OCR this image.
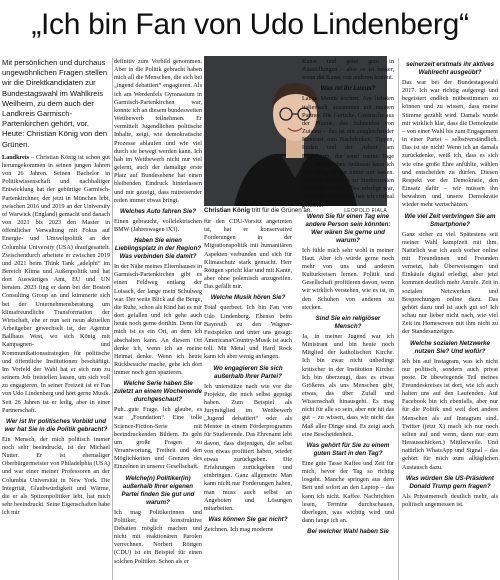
„Ich bin Fan von Udo Lindenberg“

Mit persönlichen und durchaus ungewöhnlichen Fragen stellen wir die Direktkandidaten zur Bundestagswahl im Wahlkreis Weilheim, zu dem auch der Landkreis Garmisch-Partenkirchen gehört, vor. Heute: Christian König von den Grünen.

Landkreis – Christian König ist schon gut herumgekommen in seinen jungen Jahren von 26 Jahren. Seinen Bachelor in Politikwissenschaft und nachhaltiger Entwicklung hat der gebürtige Garmisch-Partenkirchner, der jetzt in München lebt, zwischen 2016 und 2019 an der University of Warwick (England) gemacht und danach von 2021 bis 2023 den Master in öffentlicher Verwaltung mit Fokus auf Energie- und Umweltpolitik an der Columbia University (USA) draufgesattelt. Zwischendurch arbeitete er zwischen 2019 und 2021 beim Think Tank „adelphi“ im Bereich Klima und Außenpolitik und hat dort Auswärtiges Amt, EU und UN beraten. 2023 fing er dann bei der Boston Consulting Group an und kümmerte sich bei der Unternehmensberatung um klimafreundliche Transformation der Wirtschaft, ehe er nun seit neun aktuellen Arbeitgeber gewechselt ist, der Agentur Ballhaus West, wo sich König mit Kampagnen- und Kommunikationsstrategien für politische und öffentliche Institutionen beschäftigt. Im Vorfeld der Wahl hat er sich nun zu seinem Job freistellen lassen, um sich voll zu engagieren. In seiner Freizeit ist er Fan von Udo Lindenberg und hört gerne Musik. Seit 26 Jahren ist er ledig, aber in einer Partnerschaft.

Wer ist Ihr politisches Vorbild und wer hat Sie in die Politik gebracht?

Ein Mensch, der mich politisch immer noch sehr beeindruckt, ist der Michael Nutter. Er ist ehemaliger Oberbürgermeister von Philadelphia (USA) und war einer meiner Professoren an der Columbia Universität in New York. Die Integrität, Glaubwürdigkeit und Wärme, die er als Spitzenpolitiker lebt, hat mich sehr beeindruckt. Seine Eigenschaften habe ich mir

definitiv zum Vorbild genommen. Aber in die Politik gebracht haben mich all die Menschen, die sich bei „ingend debattiert“ engagieren. Als ich am Werdenfels Gymnasium in Garmisch-Partenkirchen war, konnte ich an diesem bundesweiten Wettbewerb teilnehmen. Er vermittelt Jugendlichen politische Inhalte, zeigt, wie demokratische Prozesse ablaufen und wie viel durch sie bewegt werden kann. Ich hab im Wettbewerb nicht nur viel gelernt, auch der damalige erste Platz auf Bundesebene hat einen bleibenden Eindruck hinterlassen und mir gezeigt, dass mitreisender reden immer etwas bringt.

Welches Auto fahren Sie?

Einen gebraucht, vollelektrischen BMW (Jahreswagen iX3).

Haben Sie einen Lieblingsplatz in der Region? Was verbinden Sie damit?

In der Nähe meines Elternhauses in Garmisch-Partenkirchen gibt es einen Feldweg entlang der Loisach, der lange mein Schulweg war. Der weite Blick auf die Berge, die Ruhe, schon als Kind hat es mir dort gefallen und ich gehe auch heute noch gerne dorthin. Denn für mich ist es ein Ort, an dem ich abschalten kann. An diesem Ort denke ich, wenn ich an meine Heimat denke. Wenn ich heute Rückbesuche mache, gehe ich dort immer noch gern spazieren.

Welche Serie haben Sie zuletzt an einem Wochenende durchgeschaut?

Puh...gute Frage. Ich glaube, es war „Foundation“. Eine tolle Science-Fiction-Serie mit beeindruckenden Bildern. Es geht um große Fragen zu Verantwortung, Freiheit und den Möglichkeiten und Grenzen des Einzelnen in unserer Gesellschaft.

Welche(n) Politiker(in) außerhalb Ihrer eigenen Partei finden Sie gut und warum?

Ich mag Politikerinnen und Politiker, die konstruktive Debatten möglich machen und nicht mit reaktionären Parolen verrechnen. Norbert Röttgen (CDU) ist ein Beispiel für einen solchen Politiker. Schon als er

Christian König tritt für die Grünen an.	LEOPOLD FIALA

für den CDU-Vorsitz angetreten ist, hat er konservative Forderungen in der Migrationspolitik mit humanitären Aspekten verbunden und sich für Klimaschutz stark gemacht. Herr Röttgen spricht klar und mit Kante, aber ohne polemisch anzugreifen. Das gefällt mir.

Welche Musik hören Sie?

Total querbeet. Ich bin Fan von Udo Lindenberg. Ebenso beim Bayreuth zu den Wagner-Festspielen und unter uns gesagt: Americana/Country-Musik ist auch toll. Mit Metal und Hard Rock kann ich aber wenig anfangen.

Wo engagieren Sie sich außerhalb Ihrer Partei?

Ich unterstütze nach wie vor die Projekte, die mich selbst geprägt haben. Zum Beispiel als Jurymitglied im Wettbewerb „Jugend debattiert“ oder als Mentor in einem Förderprogramm für Studierende. Das Ehrenamt lebt davon, dass diejenigen, die selbst von etwas profitiert haben, wieder etwas zurückgeben. Die Erfahrungen zurückgeben und einbringen. Ganz allgemein: Man kann nicht nur Forderungen haben, man muss auch selbst an Angeboten und Lösungen mitarbeiten.

Was können Sie gar nicht?

Zeichnen. Ich mag moderne

Kunst und gehe gern in Ausstellungen – aber es ist besser, wenn die Kunst von anderen kommt.

Was ist Ihr Luxus?

Lange Menüs kochen. Am liebsten italienisch, zusammen mit meinen Partner. Die Gerüche, Geräusche aus der Pfanne, das Schneiden von Zutaten – das ist ein ausgleichender Kontrast zum Nachdenken, Tippen, Reden und der Arbeit am Bildschirm, die sonst meine Tage füllt. Bei solchen Anlässen kann ich den Alltag so gut hinter mir lassen. Das hab ich schon zu Studienzeiten gemacht – wenn alles erledigt war, auch spät am Abend, hab ich erstmal gekocht.

Wenn Sie für einen Tag eine andere Person sein könnten: Wer wären Sie gerne und warum?

Ich fühle mich sehr wohl in meiner Haut. Aber ich würde gerne noch mehr von uns und anderen Kulturkreisen lernen. Politik und Gesellschaft profitieren davon, wenn wir wirklich verstehen, wie es ist, in den Schuhen von anderen zu stecken.

Sind Sie ein religiöser Mensch?

Ja, in meiner Jugend war ich Ministrant und bin heute noch Mitglied der katholischen Kirche. Ich bin zwar nicht unbedingt kritischer in der Institution Kirche: Ich bin überzeugt, dass es etwas Größeres als uns Menschen gibt, etwas, das über Zufall und Wissenschaft hinausgeht. Es mag nicht für alle so sein, aber mir tut das gut – zu wissen, dass wir nicht das Maß aller Dinge sind. Es zeigt auch eine Bescheidenheit.

Was gehört für Sie zu einem guten Start in den Tag?

Eine gute Tasse Kaffee und Zeit für mich, bevor der Tag so richtig losgeht. Manche springen aus dem Bett und sofort an den Laptop – das kann ich nicht. Kaffee. Nachrichten lesen, Termine durchschauen, überlegen, was wichtig wird und dann fange ich an.

Bei welcher Wahl haben Sie

seinerzeit erstmals ihr aktives Wahlrecht ausgeübt?

Das war bei der Bundestagswahl 2017. Ich war richtig aufgeregt und begeistert endlich mitbestimmen zu können und zu wissen, dass meine Stimme gezählt wird. Damals wurde mir wirklich klar, dass die Demokratie – von einer Wahl bis zum Engagement in einer Partei – selbstverständlich. Das ist sie nicht! Wenn ich an damals zurückdenke, weiß ich, dass es sich wie eine große Ehre anfühlte, wählen und entscheiden zu dürfen. Diesen Respekt vor der Demokratie, den Einsatz dafür – wir müssen ihn bewahren und unsere Demokratie wieder mehr wertschätzen.

Wie viel Zeit verbringen Sie am Smartphone?

Ganz sicher zu viel. Spätestens seit meiner Wahl kampfzeit mit ihm. Natürlich war ich auch vorher online mit Freundinnen und Freunden vernetzt, hab Überweisungen und Einkäufe digital erledigt, aber jetzt kommen deutlich mehr Anrufe. Zeit in sozialen Netzwerken und Besprechungen online dazu. Das gehört dazu und ist auch gut so! Ich schau nur lieber nicht nach, wie viel Zeit im Homescreen mit ihm nicht zu der Standesanzeigen.

Welche sozialen Netzwerke nutzen Sie? Und wofür?

Ich bin auf Instagram, was ich nicht nur politisch, sondern auch privat poste. Dr übewiegende Teil meines Freundeskreises ist dort, wie ich auch halten uns auf den Laufenden. Auf Facebook bin ich ebenfalls, aber nur für die Politik und weil dort andere Menschen als auf Instagram sind. Twitter (jetzt X) mach ich nur noch selten auf und wenn, dann nur zum Herausschicken.) Mittlerweile. Und natürlich WhatsApp und Signal – das gehört für mich zum alltäglichen Austausch dazu.

Was würden Sie US-Präsident Donald Trump gern fragen?

Als Privatmensch deutlich mehr, als politisch angemessen ist.
